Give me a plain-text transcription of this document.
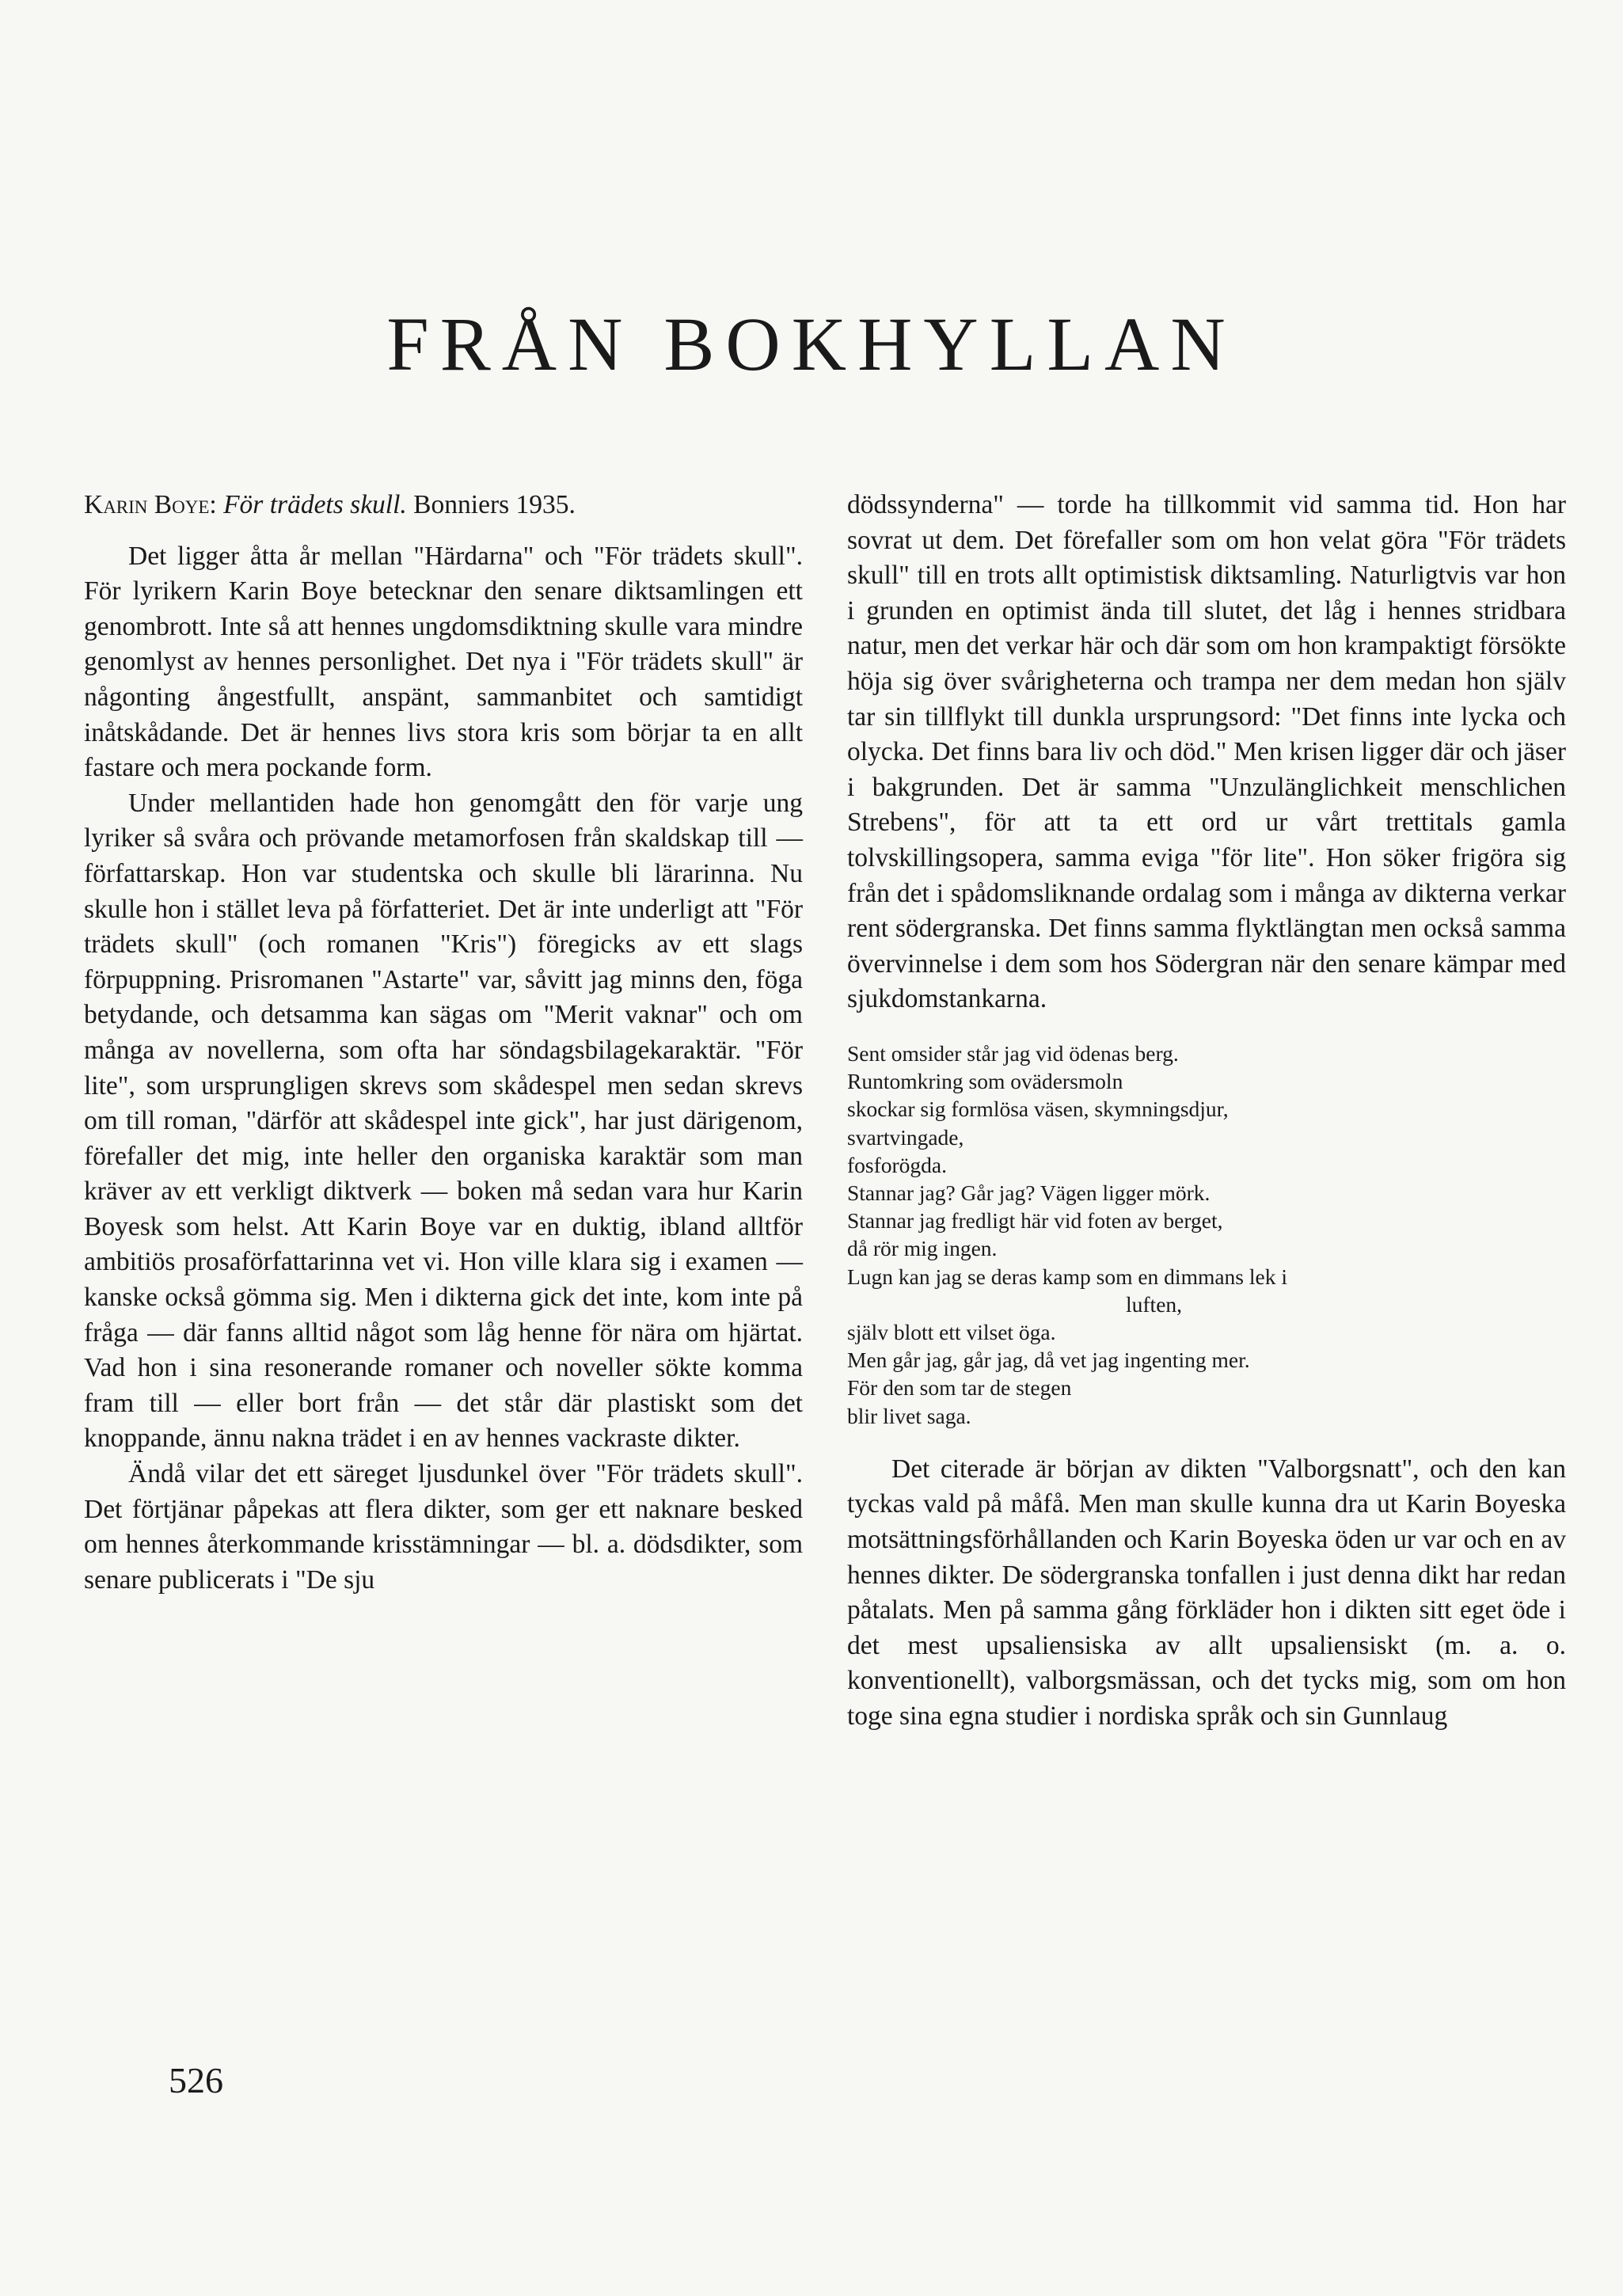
FRÅN BOKHYLLAN

Karin Boye: För trädets skull. Bonniers 1935.

Det ligger åtta år mellan "Härdarna" och "För trädets skull". För lyrikern Karin Boye betecknar den senare diktsamlingen ett genombrott. Inte så att hennes ungdomsdiktning skulle vara mindre genomlyst av hennes personlighet. Det nya i "För trädets skull" är någonting ångestfullt, anspänt, sammanbitet och samtidigt inåtskådande. Det är hennes livs stora kris som börjar ta en allt fastare och mera pockande form.

Under mellantiden hade hon genomgått den för varje ung lyriker så svåra och prövande metamorfosen från skaldskap till — författarskap. Hon var studentska och skulle bli lärarinna. Nu skulle hon i stället leva på författeriet. Det är inte underligt att "För trädets skull" (och romanen "Kris") föregicks av ett slags förpuppning. Prisromanen "Astarte" var, såvitt jag minns den, föga betydande, och detsamma kan sägas om "Merit vaknar" och om många av novellerna, som ofta har söndagsbilagekaraktär. "För lite", som ursprungligen skrevs som skådespel men sedan skrevs om till roman, "därför att skådespel inte gick", har just därigenom, förefaller det mig, inte heller den organiska karaktär som man kräver av ett verkligt diktverk — boken må sedan vara hur Karin Boyesk som helst. Att Karin Boye var en duktig, ibland alltför ambitiös prosaförfattarinna vet vi. Hon ville klara sig i examen — kanske också gömma sig. Men i dikterna gick det inte, kom inte på fråga — där fanns alltid något som låg henne för nära om hjärtat. Vad hon i sina resonerande romaner och noveller sökte komma fram till — eller bort från — det står där plastiskt som det knoppande, ännu nakna trädet i en av hennes vackraste dikter.

Ändå vilar det ett säreget ljusdunkel över "För trädets skull". Det förtjänar påpekas att flera dikter, som ger ett naknare besked om hennes återkommande krisstämningar — bl. a. dödsdikter, som senare publicerats i "De sju

dödssynderna" — torde ha tillkommit vid samma tid. Hon har sovrat ut dem. Det förefaller som om hon velat göra "För trädets skull" till en trots allt optimistisk diktsamling. Naturligtvis var hon i grunden en optimist ända till slutet, det låg i hennes stridbara natur, men det verkar här och där som om hon krampaktigt försökte höja sig över svårigheterna och trampa ner dem medan hon själv tar sin tillflykt till dunkla ursprungsord: "Det finns inte lycka och olycka. Det finns bara liv och död." Men krisen ligger där och jäser i bakgrunden. Det är samma "Unzulänglichkeit menschlichen Strebens", för att ta ett ord ur vårt trettitals gamla tolvskillingsopera, samma eviga "för lite". Hon söker frigöra sig från det i spådomsliknande ordalag som i många av dikterna verkar rent södergranska. Det finns samma flyktlängtan men också samma övervinnelse i dem som hos Södergran när den senare kämpar med sjukdomstankarna.

Sent omsider står jag vid ödenas berg.
Runtomkring som ovädersmoln
skockar sig formlösa väsen, skymningsdjur,
svartvingade,
fosforögda.
Stannar jag? Går jag? Vägen ligger mörk.
Stannar jag fredligt här vid foten av berget,
då rör mig ingen.
Lugn kan jag se deras kamp som en dimmans lek i
luften,
själv blott ett vilset öga.
Men går jag, går jag, då vet jag ingenting mer.
För den som tar de stegen
blir livet saga.

Det citerade är början av dikten "Valborgsnatt", och den kan tyckas vald på måfå. Men man skulle kunna dra ut Karin Boyeska motsättningsförhållanden och Karin Boyeska öden ur var och en av hennes dikter. De södergranska tonfallen i just denna dikt har redan påtalats. Men på samma gång förkläder hon i dikten sitt eget öde i det mest upsaliensiska av allt upsaliensiskt (m. a. o. konventionellt), valborgsmässan, och det tycks mig, som om hon toge sina egna studier i nordiska språk och sin Gunnlaug

526
